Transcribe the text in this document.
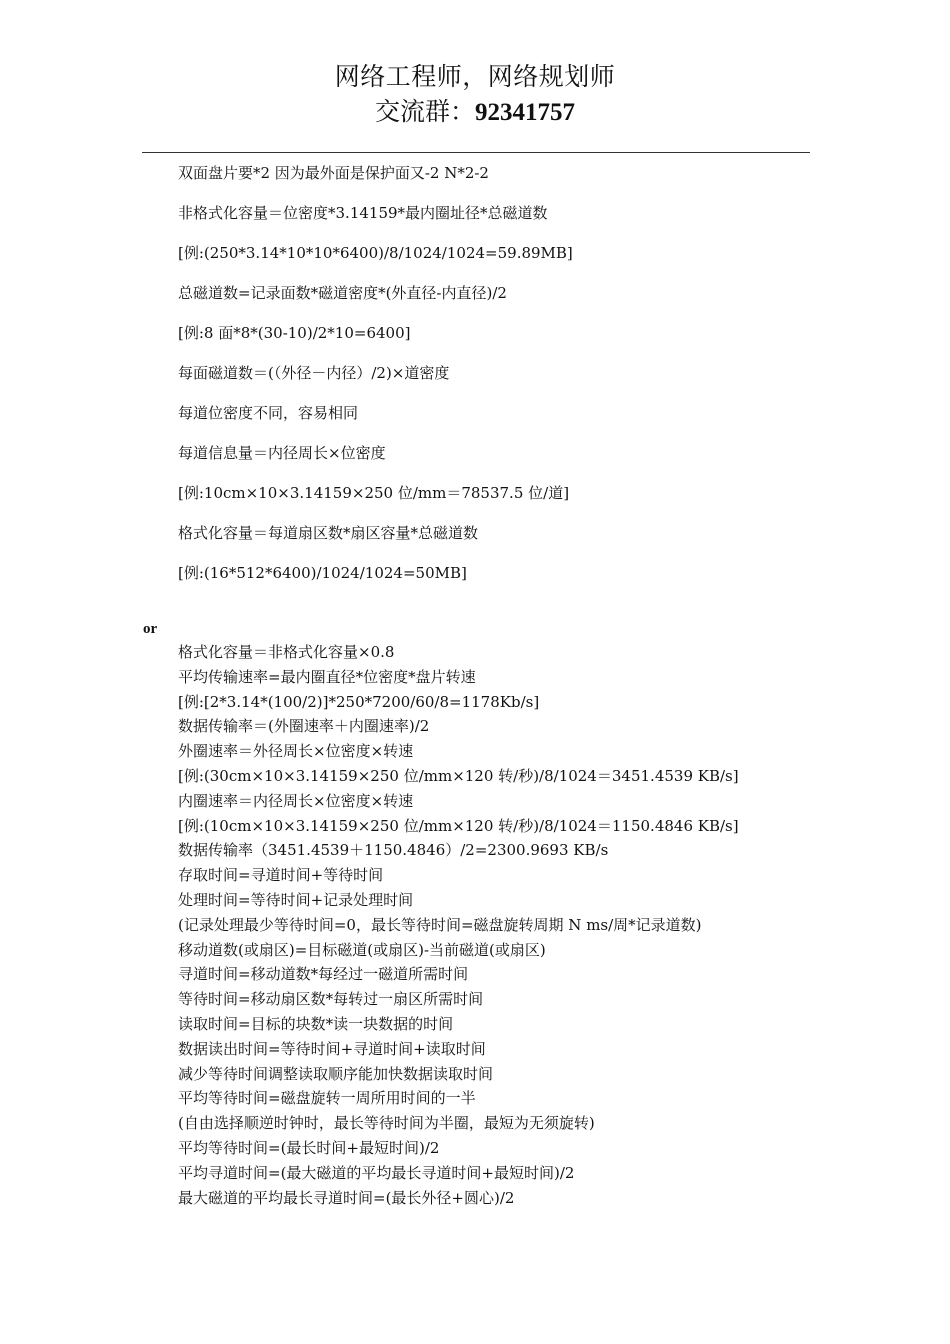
网络工程师，网络规划师
交流群：92341757
双面盘片要*2 因为最外面是保护面又-2 N*2-2
非格式化容量＝位密度*3.14159*最内圈址径*总磁道数
[例:(250*3.14*10*10*6400)/8/1024/1024=59.89MB]
总磁道数=记录面数*磁道密度*(外直径-内直径)/2
[例:8 面*8*(30-10)/2*10=6400]
每面磁道数＝(（外径－内径）/2)×道密度
每道位密度不同，容易相同
每道信息量＝内径周长×位密度
[例:10cm×10×3.14159×250 位/mm＝78537.5 位/道]
格式化容量＝每道扇区数*扇区容量*总磁道数
[例:(16*512*6400)/1024/1024=50MB]
or
格式化容量＝非格式化容量×0.8
平均传输速率=最内圈直径*位密度*盘片转速
[例:[2*3.14*(100/2)]*250*7200/60/8=1178Kb/s]
数据传输率＝(外圈速率＋内圈速率)/2
外圈速率＝外径周长×位密度×转速
[例:(30cm×10×3.14159×250 位/mm×120 转/秒)/8/1024＝3451.4539 KB/s]
内圈速率＝内径周长×位密度×转速
[例:(10cm×10×3.14159×250 位/mm×120 转/秒)/8/1024＝1150.4846 KB/s]
数据传输率（3451.4539＋1150.4846）/2=2300.9693 KB/s
存取时间=寻道时间+等待时间
处理时间=等待时间+记录处理时间
(记录处理最少等待时间=0，最长等待时间=磁盘旋转周期 N ms/周*记录道数)
移动道数(或扇区)=目标磁道(或扇区)-当前磁道(或扇区)
寻道时间=移动道数*每经过一磁道所需时间
等待时间=移动扇区数*每转过一扇区所需时间
读取时间=目标的块数*读一块数据的时间
数据读出时间=等待时间+寻道时间+读取时间
减少等待时间调整读取顺序能加快数据读取时间
平均等待时间=磁盘旋转一周所用时间的一半
(自由选择顺逆时钟时，最长等待时间为半圈，最短为无须旋转)
平均等待时间=(最长时间+最短时间)/2
平均寻道时间=(最大磁道的平均最长寻道时间+最短时间)/2
最大磁道的平均最长寻道时间=(最长外径+圆心)/2
